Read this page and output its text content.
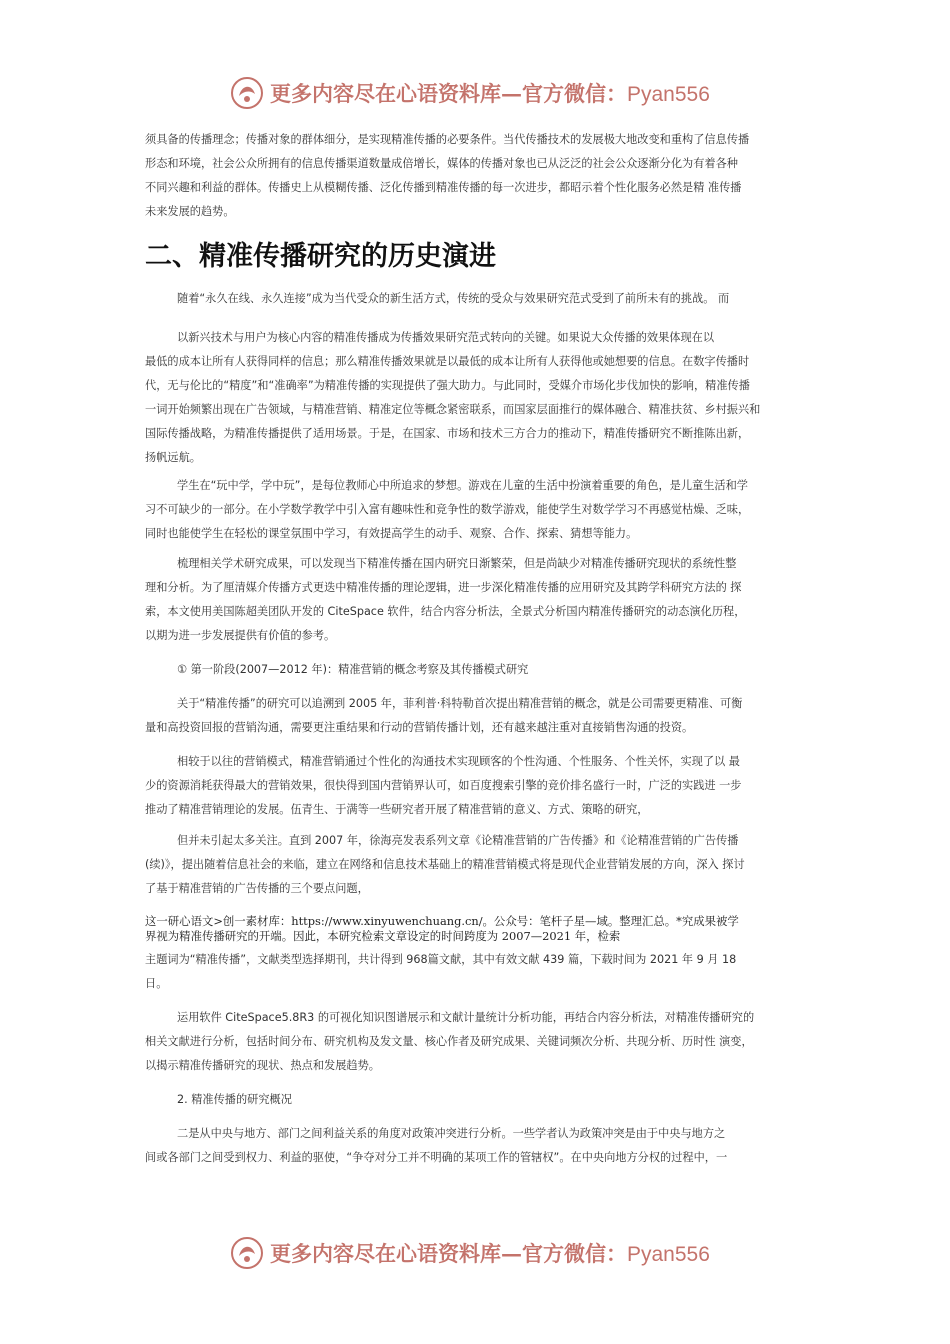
更多内容尽在心语资料库—官方微信：Pyan556
须具备的传播理念；传播对象的群体细分，是实现精准传播的必要条件。当代传播技术的发展极大地改变和重构了信息传播
形态和环境，社会公众所拥有的信息传播渠道数量成倍增长，媒体的传播对象也已从泛泛的社会公众逐渐分化为有着各种
不同兴趣和利益的群体。传播史上从模糊传播、泛化传播到精准传播的每一次进步，都昭示着个性化服务必然是精 准传播
未来发展的趋势。
二、精准传播研究的历史演进
随着“永久在线、永久连接”成为当代受众的新生活方式，传统的受众与效果研究范式受到了前所未有的挑战。 而
以新兴技术与用户为核心内容的精准传播成为传播效果研究范式转向的关键。如果说大众传播的效果体现在以
最低的成本让所有人获得同样的信息；那么精准传播效果就是以最低的成本让所有人获得他或她想要的信息。在数字传播时
代，无与伦比的“精度”和“准确率”为精准传播的实现提供了强大助力。与此同时，受媒介市场化步伐加快的影响，精准传播
一词开始频繁出现在广告领域，与精准营销、精准定位等概念紧密联系，而国家层面推行的媒体融合、精准扶贫、乡村振兴和
国际传播战略，为精准传播提供了适用场景。于是，在国家、市场和技术三方合力的推动下，精准传播研究不断推陈出新，
扬帆远航。
学生在“玩中学，学中玩”，是每位教师心中所追求的梦想。游戏在儿童的生活中扮演着重要的角色，是儿童生活和学
习不可缺少的一部分。在小学数学教学中引入富有趣味性和竞争性的数学游戏，能使学生对数学学习不再感觉枯燥、乏味，
同时也能使学生在轻松的课堂氛围中学习，有效提高学生的动手、观察、合作、探索、猜想等能力。
梳理相关学术研究成果，可以发现当下精准传播在国内研究日渐繁荣，但是尚缺少对精准传播研究现状的系统性整
理和分析。为了厘清媒介传播方式更迭中精准传播的理论逻辑，进一步深化精准传播的应用研究及其跨学科研究方法的 探
索，本文使用美国陈超美团队开发的 CiteSpace 软件，结合内容分析法，全景式分析国内精准传播研究的动态演化历程，
以期为进一步发展提供有价值的参考。
① 第一阶段(2007—2012 年)：精准营销的概念考察及其传播模式研究
关于“精准传播”的研究可以追溯到 2005 年，菲利普·科特勒首次提出精准营销的概念，就是公司需要更精准、可衡
量和高投资回报的营销沟通，需要更注重结果和行动的营销传播计划，还有越来越注重对直接销售沟通的投资。
相较于以往的营销模式，精准营销通过个性化的沟通技术实现顾客的个性沟通、个性服务、个性关怀，实现了以 最
少的资源消耗获得最大的营销效果，很快得到国内营销界认可，如百度搜索引擎的竞价排名盛行一时，广泛的实践进 一步
推动了精准营销理论的发展。伍青生、于满等一些研究者开展了精准营销的意义、方式、策略的研究，
但并未引起太多关注。直到 2007 年，徐海亮发表系列文章《论精准营销的广告传播》和《论精准营销的广告传播
(续)》，提出随着信息社会的来临，建立在网络和信息技术基础上的精准营销模式将是现代企业营销发展的方向，深入 探讨
了基于精准营销的广告传播的三个要点问题，
这一研心语文>创一素材库：https://www.xinyuwenchuang.cn/。公众号：笔杆子星—域。整理汇总。*究成果被学
界视为精准传播研究的开端。因此，本研究检索文章设定的时间跨度为 2007—2021 年，检索
主题词为“精准传播”，文献类型选择期刊，共计得到 968篇文献，其中有效文献 439 篇，下载时间为 2021 年 9 月 18
日。
运用软件 CiteSpace5.8R3 的可视化知识图谱展示和文献计量统计分析功能，再结合内容分析法，对精准传播研究的
相关文献进行分析，包括时间分布、研究机构及发文量、核心作者及研究成果、关键词频次分析、共现分析、历时性 演变，
以揭示精准传播研究的现状、热点和发展趋势。
2. 精准传播的研究概况
二是从中央与地方、部门之间利益关系的角度对政策冲突进行分析。一些学者认为政策冲突是由于中央与地方之
间或各部门之间受到权力、利益的驱使，“争夺对分工并不明确的某项工作的管辖权”。在中央向地方分权的过程中，一
更多内容尽在心语资料库—官方微信：Pyan556
